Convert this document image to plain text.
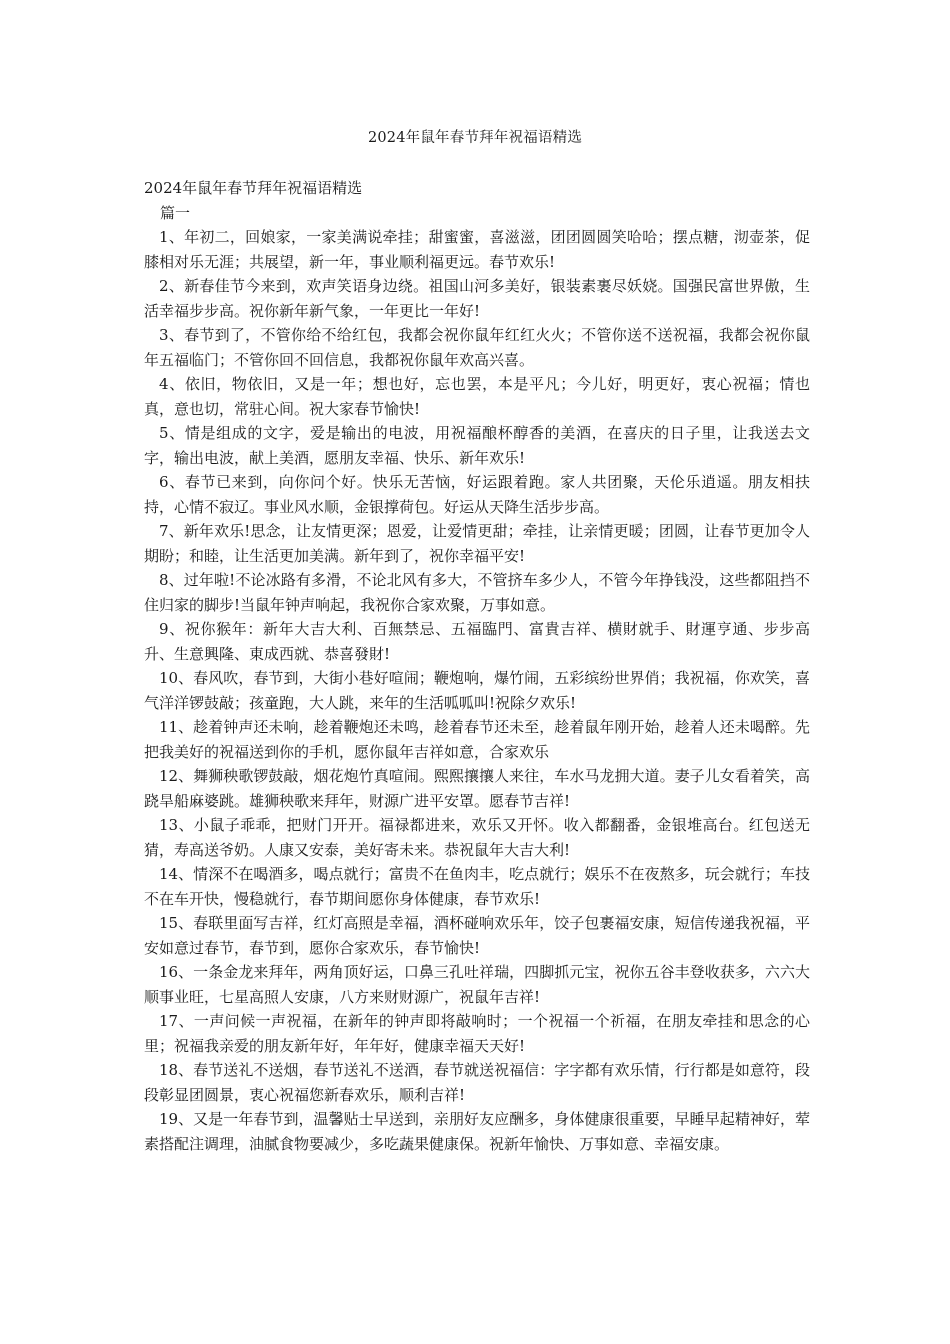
2024年鼠年春节拜年祝福语精选

2024年鼠年春节拜年祝福语精选

篇一

1、年初二，回娘家，一家美满说牵挂；甜蜜蜜，喜滋滋，团团圆圆笑哈哈；摆点糖，沏壶茶，促膝相对乐无涯；共展望，新一年，事业顺利福更远。春节欢乐!

2、新春佳节今来到，欢声笑语身边绕。祖国山河多美好，银装素裹尽妖娆。国强民富世界傲，生活幸福步步高。祝你新年新气象，一年更比一年好!

3、春节到了，不管你给不给红包，我都会祝你鼠年红红火火；不管你送不送祝福，我都会祝你鼠年五福临门；不管你回不回信息，我都祝你鼠年欢高兴喜。

4、依旧，物依旧，又是一年；想也好，忘也罢，本是平凡；今儿好，明更好，衷心祝福；情也真，意也切，常驻心间。祝大家春节愉快!

5、情是组成的文字，爱是输出的电波，用祝福酿杯醇香的美酒，在喜庆的日子里，让我送去文字，输出电波，献上美酒，愿朋友幸福、快乐、新年欢乐!

6、春节已来到，向你问个好。快乐无苦恼，好运跟着跑。家人共团聚，天伦乐逍遥。朋友相扶持，心情不寂辽。事业风水顺，金银撑荷包。好运从天降生活步步高。

7、新年欢乐!思念，让友情更深；恩爱，让爱情更甜；牵挂，让亲情更暖；团圆，让春节更加令人期盼；和睦，让生活更加美满。新年到了，祝你幸福平安!

8、过年啦!不论冰路有多滑，不论北风有多大，不管挤车多少人，不管今年挣钱没，这些都阻挡不住归家的脚步!当鼠年钟声响起，我祝你合家欢聚，万事如意。

9、祝你猴年：新年大吉大利、百無禁忌、五福臨門、富貴吉祥、横財就手、財運亨通、步步高升、生意興隆、東成西就、恭喜發財!

10、春风吹，春节到，大街小巷好喧闹；鞭炮响，爆竹闹，五彩缤纷世界俏；我祝福，你欢笑，喜气洋洋锣鼓敲；孩童跑，大人跳，来年的生活呱呱叫!祝除夕欢乐!

11、趁着钟声还未响，趁着鞭炮还未鸣，趁着春节还未至，趁着鼠年刚开始，趁着人还未喝醉。先把我美好的祝福送到你的手机，愿你鼠年吉祥如意，合家欢乐

12、舞狮秧歌锣鼓敲，烟花炮竹真喧闹。熙熙攘攘人来往，车水马龙拥大道。妻子儿女看着笑，高跷旱船麻婆跳。雄狮秧歌来拜年，财源广进平安罩。愿春节吉祥!

13、小鼠子乖乖，把财门开开。福禄都进来，欢乐又开怀。收入都翻番，金银堆高台。红包送无猜，寿高送爷奶。人康又安泰，美好寄未来。恭祝鼠年大吉大利!

14、情深不在喝酒多，喝点就行；富贵不在鱼肉丰，吃点就行；娱乐不在夜熬多，玩会就行；车技不在车开快，慢稳就行，春节期间愿你身体健康，春节欢乐!

15、春联里面写吉祥，红灯高照是幸福，酒杯碰响欢乐年，饺子包裹福安康，短信传递我祝福，平安如意过春节，春节到，愿你合家欢乐，春节愉快!

16、一条金龙来拜年，两角顶好运，口鼻三孔吐祥瑞，四脚抓元宝，祝你五谷丰登收获多，六六大顺事业旺，七星高照人安康，八方来财财源广，祝鼠年吉祥!

17、一声问候一声祝福，在新年的钟声即将敲响时；一个祝福一个祈福，在朋友牵挂和思念的心里；祝福我亲爱的朋友新年好，年年好，健康幸福天天好!

18、春节送礼不送烟，春节送礼不送酒，春节就送祝福信：字字都有欢乐情，行行都是如意符，段段彰显团圆景，衷心祝福您新春欢乐，顺利吉祥!

19、又是一年春节到，温馨贴士早送到，亲朋好友应酬多，身体健康很重要，早睡早起精神好，荤素搭配注调理，油腻食物要减少，多吃蔬果健康保。祝新年愉快、万事如意、幸福安康。
